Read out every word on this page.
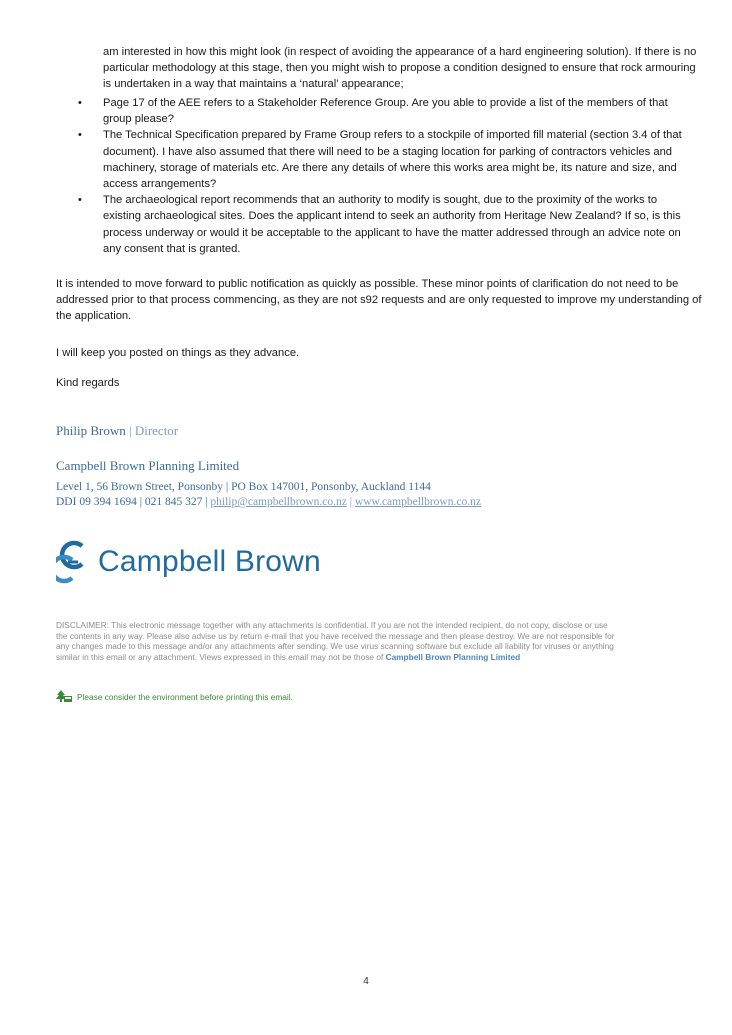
am interested in how this might look (in respect of avoiding the appearance of a hard engineering solution). If there is no particular methodology at this stage, then you might wish to propose a condition designed to ensure that rock armouring is undertaken in a way that maintains a ‘natural’ appearance;
• Page 17 of the AEE refers to a Stakeholder Reference Group. Are you able to provide a list of the members of that group please?
• The Technical Specification prepared by Frame Group refers to a stockpile of imported fill material (section 3.4 of that document). I have also assumed that there will need to be a staging location for parking of contractors vehicles and machinery, storage of materials etc. Are there any details of where this works area might be, its nature and size, and access arrangements?
• The archaeological report recommends that an authority to modify is sought, due to the proximity of the works to existing archaeological sites. Does the applicant intend to seek an authority from Heritage New Zealand? If so, is this process underway or would it be acceptable to the applicant to have the matter addressed through an advice note on any consent that is granted.

It is intended to move forward to public notification as quickly as possible. These minor points of clarification do not need to be addressed prior to that process commencing, as they are not s92 requests and are only requested to improve my understanding of the application.

I will keep you posted on things as they advance.

Kind regards

Philip Brown | Director
Campbell Brown Planning Limited
Level 1, 56 Brown Street, Ponsonby | PO Box 147001, Ponsonby, Auckland 1144
DDI 09 394 1694 | 021 845 327 | philip@campbellbrown.co.nz | www.campbellbrown.co.nz
Campbell Brown
DISCLAIMER: This electronic message together with any attachments is confidential. If you are not the intended recipient, do not copy, disclose or use the contents in any way. Please also advise us by return e-mail that you have received the message and then please destroy. We are not responsible for any changes made to this message and/or any attachments after sending. We use virus scanning software but exclude all liability for viruses or anything similar in this email or any attachment. Views expressed in this email may not be those of Campbell Brown Planning Limited
Please consider the environment before printing this email.
4
